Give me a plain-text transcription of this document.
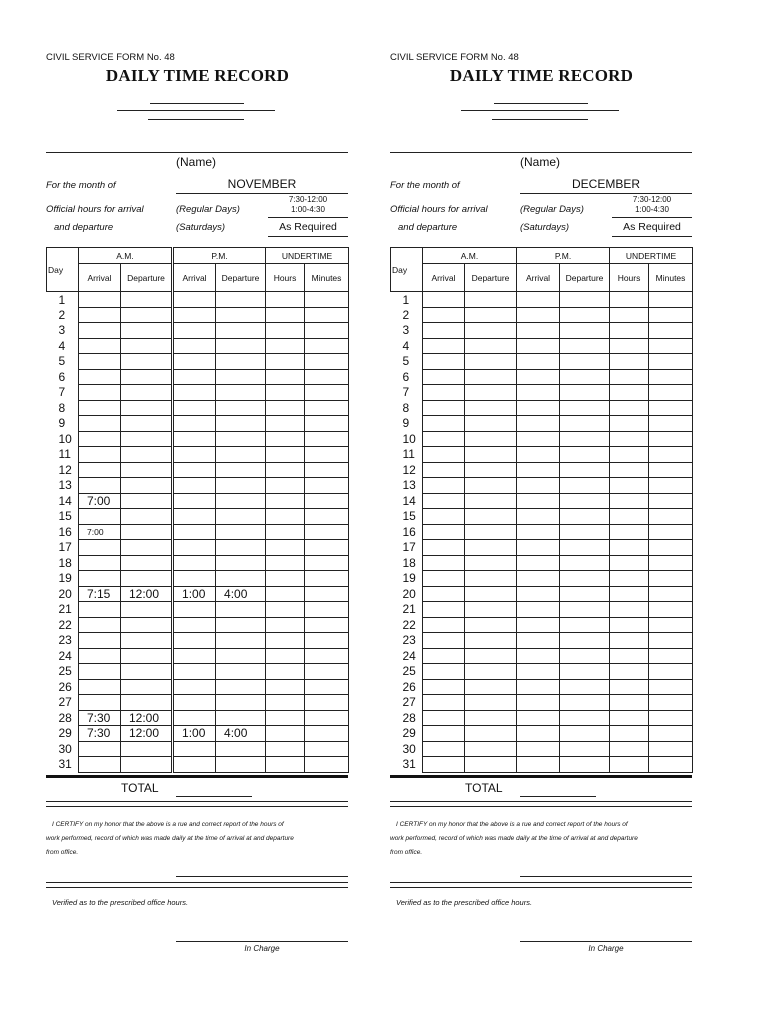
CIVIL SERVICE FORM No. 48
DAILY TIME RECORD
(Name)
For the month of	NOVEMBER
Official hours for arrival
and departure
(Regular Days)
(Saturdays)
7:30-12:00
1:00-4:30
As Required
Day	A.M.		P.M.		UNDERTIME	
	Arrival	Departure	Arrival	Departure	Hours	Minutes
1						
2						
3						
4						
5						
6						
7						
8						
9						
10						
11						
12						
13						
14	7:00					
15						
16	7:00					
17						
18						
19						
20	7:15	12:00	1:00	4:00		
21						
22						
23						
24						
25						
26						
27						
28	7:30	12:00				
29	7:30	12:00	1:00	4:00		
30						
31						
TOTAL
I CERTIFY on my honor that the above is a rue and correct report of the hours of
work performed, record of which was made daily at the time of arrival at and departure
from office.
Verified as to the prescribed office hours.
In Charge
CIVIL SERVICE FORM No. 48
DAILY TIME RECORD
(Name)
For the month of	DECEMBER
Official hours for arrival
and departure
(Regular Days)
(Saturdays)
7:30-12:00
1:00-4:30
As Required
Day	A.M.		P.M.		UNDERTIME	
	Arrival	Departure	Arrival	Departure	Hours	Minutes
1						
2						
3						
4						
5						
6						
7						
8						
9						
10						
11						
12						
13						
14						
15						
16						
17						
18						
19						
20						
21						
22						
23						
24						
25						
26						
27						
28						
29						
30						
31						
TOTAL
I CERTIFY on my honor that the above is a rue and correct report of the hours of
work performed, record of which was made daily at the time of arrival at and departure
from office.
Verified as to the prescribed office hours.
In Charge
